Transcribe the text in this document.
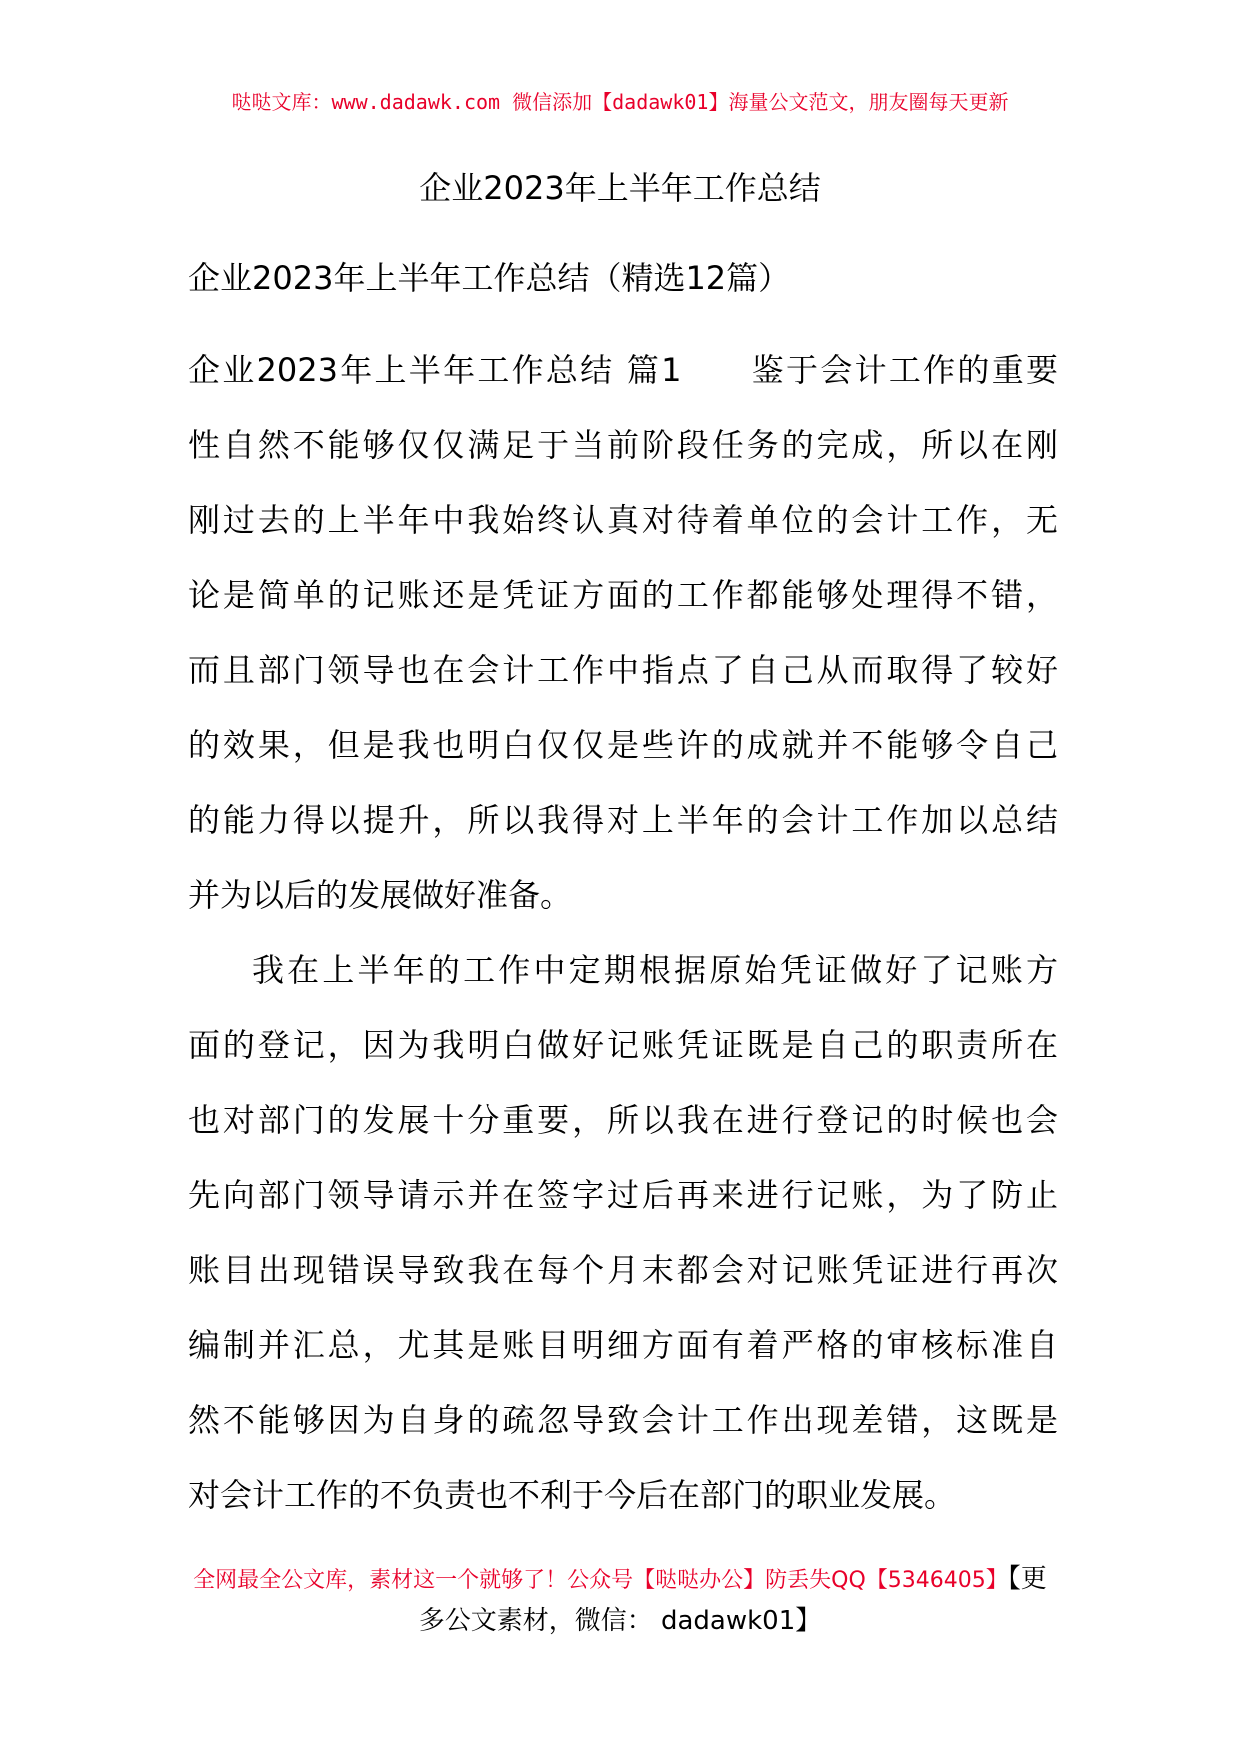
哒哒文库：www.dadawk.com 微信添加【dadawk01】海量公文范文，朋友圈每天更新
企业2023年上半年工作总结
企业2023年上半年工作总结（精选12篇）
企业2023年上半年工作总结 篇1 鉴于会计工作的重要
性自然不能够仅仅满足于当前阶段任务的完成，所以在刚
刚过去的上半年中我始终认真对待着单位的会计工作，无
论是简单的记账还是凭证方面的工作都能够处理得不错，
而且部门领导也在会计工作中指点了自己从而取得了较好
的效果，但是我也明白仅仅是些许的成就并不能够令自己
的能力得以提升，所以我得对上半年的会计工作加以总结
并为以后的发展做好准备。
我在上半年的工作中定期根据原始凭证做好了记账方
面的登记，因为我明白做好记账凭证既是自己的职责所在
也对部门的发展十分重要，所以我在进行登记的时候也会
先向部门领导请示并在签字过后再来进行记账，为了防止
账目出现错误导致我在每个月末都会对记账凭证进行再次
编制并汇总，尤其是账目明细方面有着严格的审核标准自
然不能够因为自身的疏忽导致会计工作出现差错，这既是
对会计工作的不负责也不利于今后在部门的职业发展。
全网最全公文库，素材这一个就够了！公众号【哒哒办公】防丢失QQ【5346405】【更
多公文素材，微信： dadawk01】
